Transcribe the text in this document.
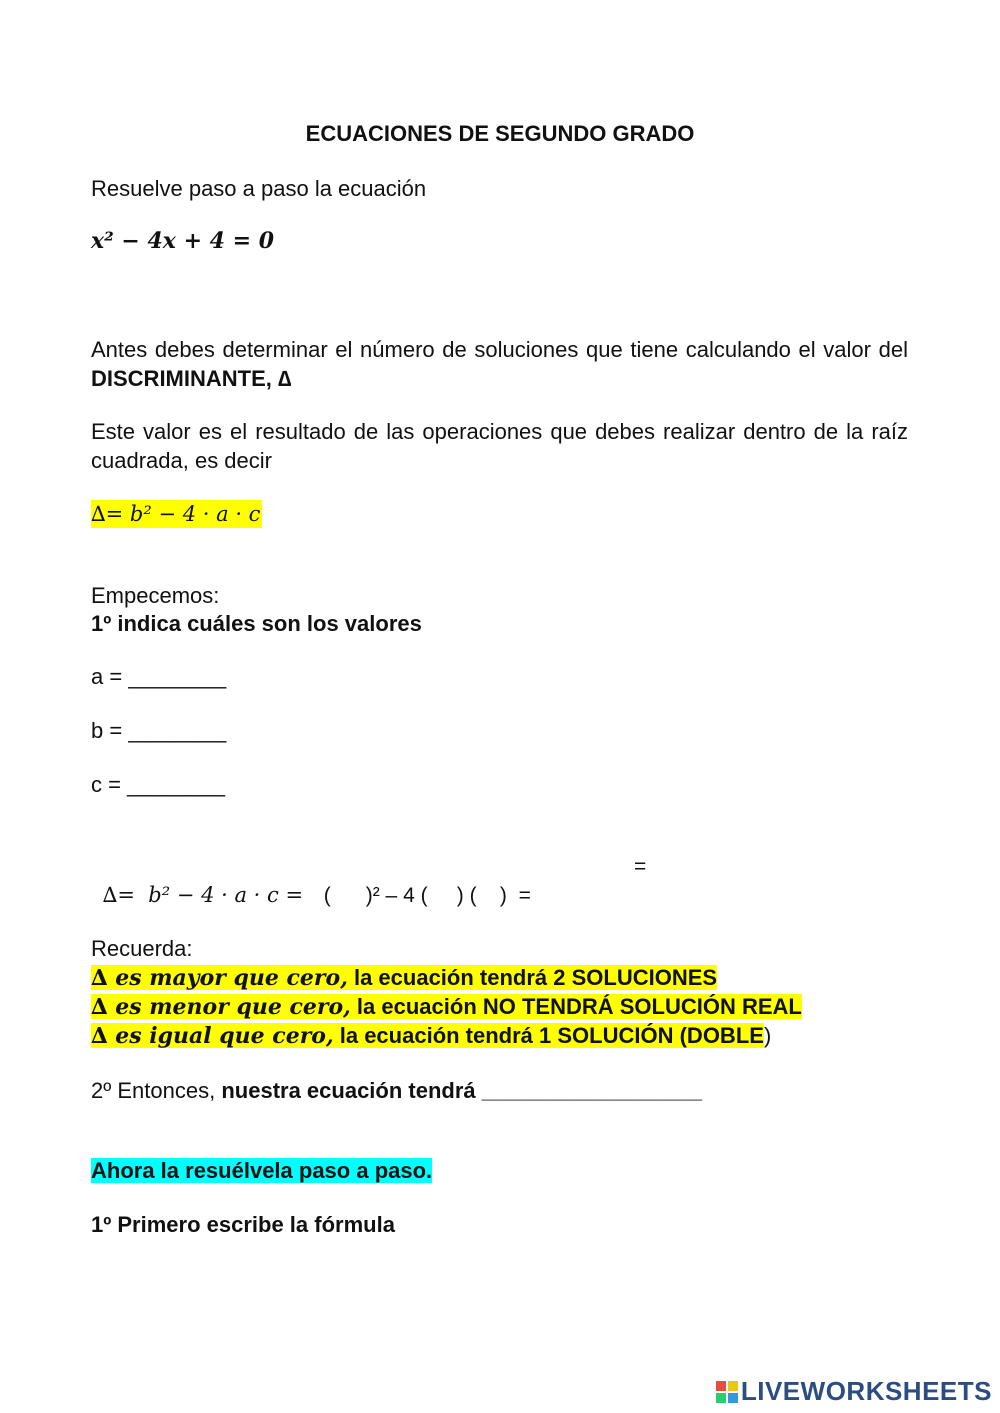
ECUACIONES DE SEGUNDO GRADO
Resuelve paso a paso la ecuación
x² − 4x + 4 = 0
Antes debes determinar el número de soluciones que tiene calculando el valor del DISCRIMINANTE, ∆
Este valor es el resultado de las operaciones que debes realizar dentro de la raíz cuadrada, es decir
∆= b² − 4 · a · c
Empecemos:
1º indica cuáles son los valores
a = ________
b = ________
c = ________

∆=  b² − 4 · a · c = (      )² – 4 (     ) (    )  =

=
Recuerda:
∆ es mayor que cero, la ecuación tendrá 2 SOLUCIONES
∆ es menor que cero, la ecuación NO TENDRÁ SOLUCIÓN REAL
∆ es igual que cero, la ecuación tendrá 1 SOLUCIÓN (DOBLE)
2º Entonces, nuestra ecuación tendrá __________________
Ahora la resuélvela paso a paso.
1º Primero escribe la fórmula
LIVEWORKSHEETS
